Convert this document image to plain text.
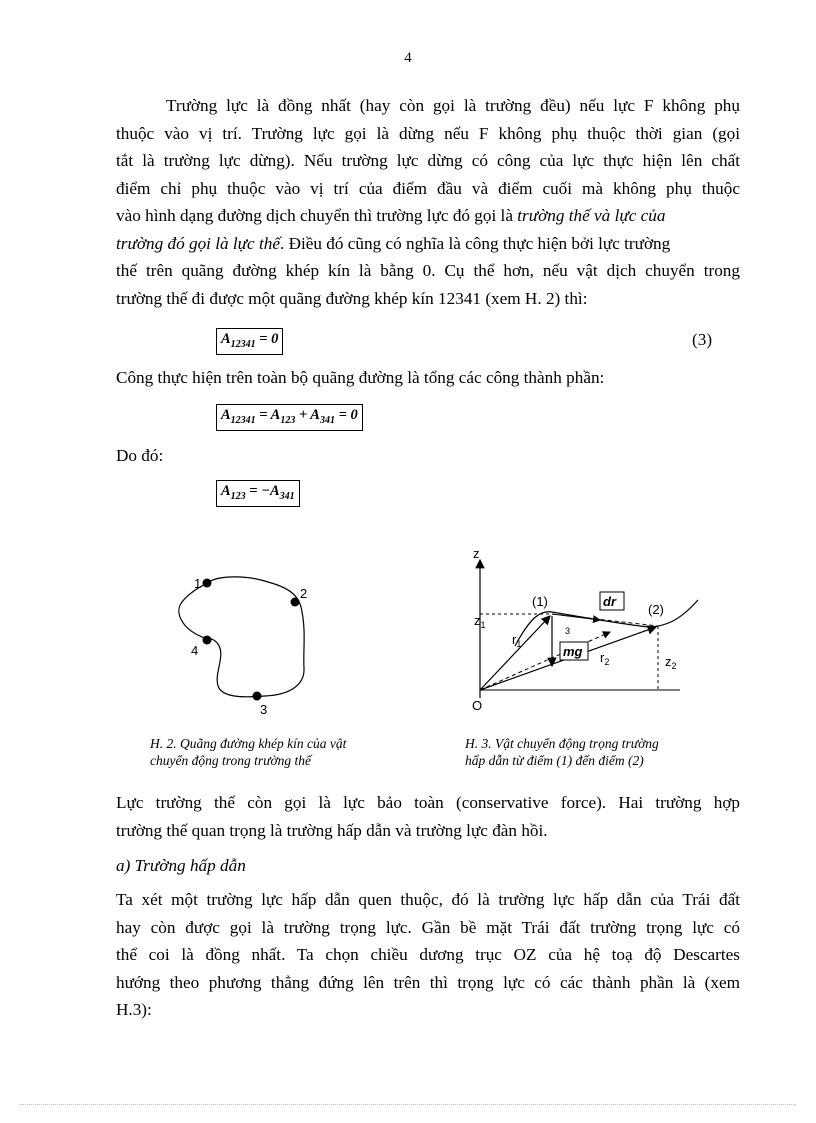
4
Trường lực là đồng nhất (hay còn gọi là trường đều) nếu lực F không phụ
thuộc vào vị trí. Trường lực gọi là dừng nếu F không phụ thuộc thời gian (gọi
tắt là trường lực dừng). Nếu trường lực dừng có công của lực thực hiện lên chất
điểm chỉ phụ thuộc vào vị trí của điểm đầu và điểm cuối mà không phụ thuộc
vào hình dạng đường dịch chuyển thì trường lực đó gọi là trường thế và lực của
trường đó gọi là lực thế. Điều đó cũng có nghĩa là công thực hiện bởi lực trường
thế trên quãng đường khép kín là bằng 0. Cụ thể hơn, nếu vật dịch chuyển trong
trường thế đi được một quãng đường khép kín 12341 (xem H. 2) thì:
$A_{12341} = 0$	(3)
Công thực hiện trên toàn bộ quãng đường là tổng các công thành phần:
$A_{12341} = A_{123} + A_{341} = 0$
Do đó:
$A_{123} = -A_{341}$
1
2
3
4
H. 2. Quãng đường khép kín của vật
chuyển động trong trường thế
z
O
$z_1$
$z_2$
(1)
(2)
3
$r_1$
$r_2$
dr
mg
H. 3. Vật chuyển động trọng trường
hấp dẫn từ điểm (1) đến điểm (2)
Lực trường thế còn gọi là lực bảo toàn (conservative force). Hai trường hợp
trường thế quan trọng là trường hấp dẫn và trường lực đàn hồi.
a) Trường hấp dẫn
Ta xét một trường lực hấp dẫn quen thuộc, đó là trường lực hấp dẫn của Trái đất
hay còn được gọi là trường trọng lực. Gần bề mặt Trái đất trường trọng lực có
thể coi là đồng nhất. Ta chọn chiều dương trục OZ của hệ toạ độ Descartes
hướng theo phương thẳng đứng lên trên thì trọng lực có các thành phần là (xem
H.3):
